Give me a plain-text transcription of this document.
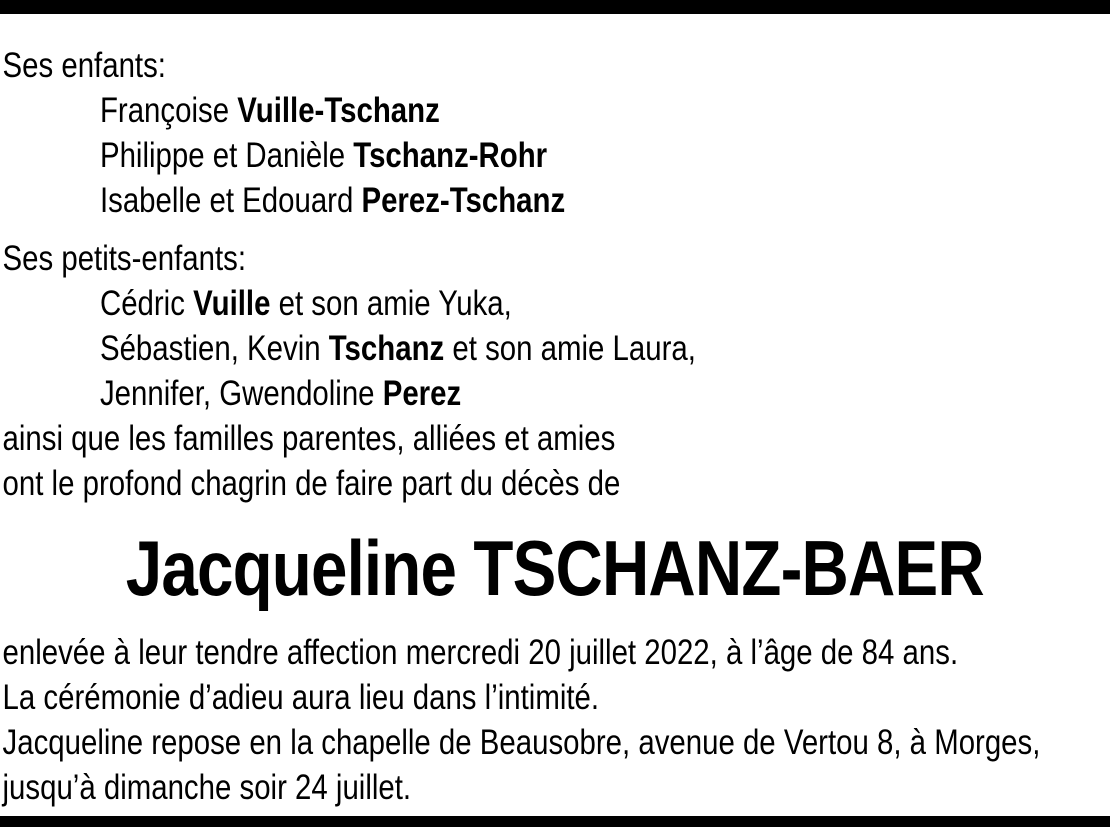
Ses enfants:
Françoise Vuille-Tschanz
Philippe et Danièle Tschanz-Rohr
Isabelle et Edouard Perez-Tschanz
Ses petits-enfants:
Cédric Vuille et son amie Yuka,
Sébastien, Kevin Tschanz et son amie Laura,
Jennifer, Gwendoline Perez
ainsi que les familles parentes, alliées et amies
ont le profond chagrin de faire part du décès de
Jacqueline TSCHANZ-BAER
enlevée à leur tendre affection mercredi 20 juillet 2022, à l’âge de 84 ans.
La cérémonie d’adieu aura lieu dans l’intimité.
Jacqueline repose en la chapelle de Beausobre, avenue de Vertou 8, à Morges,
jusqu’à dimanche soir 24 juillet.
